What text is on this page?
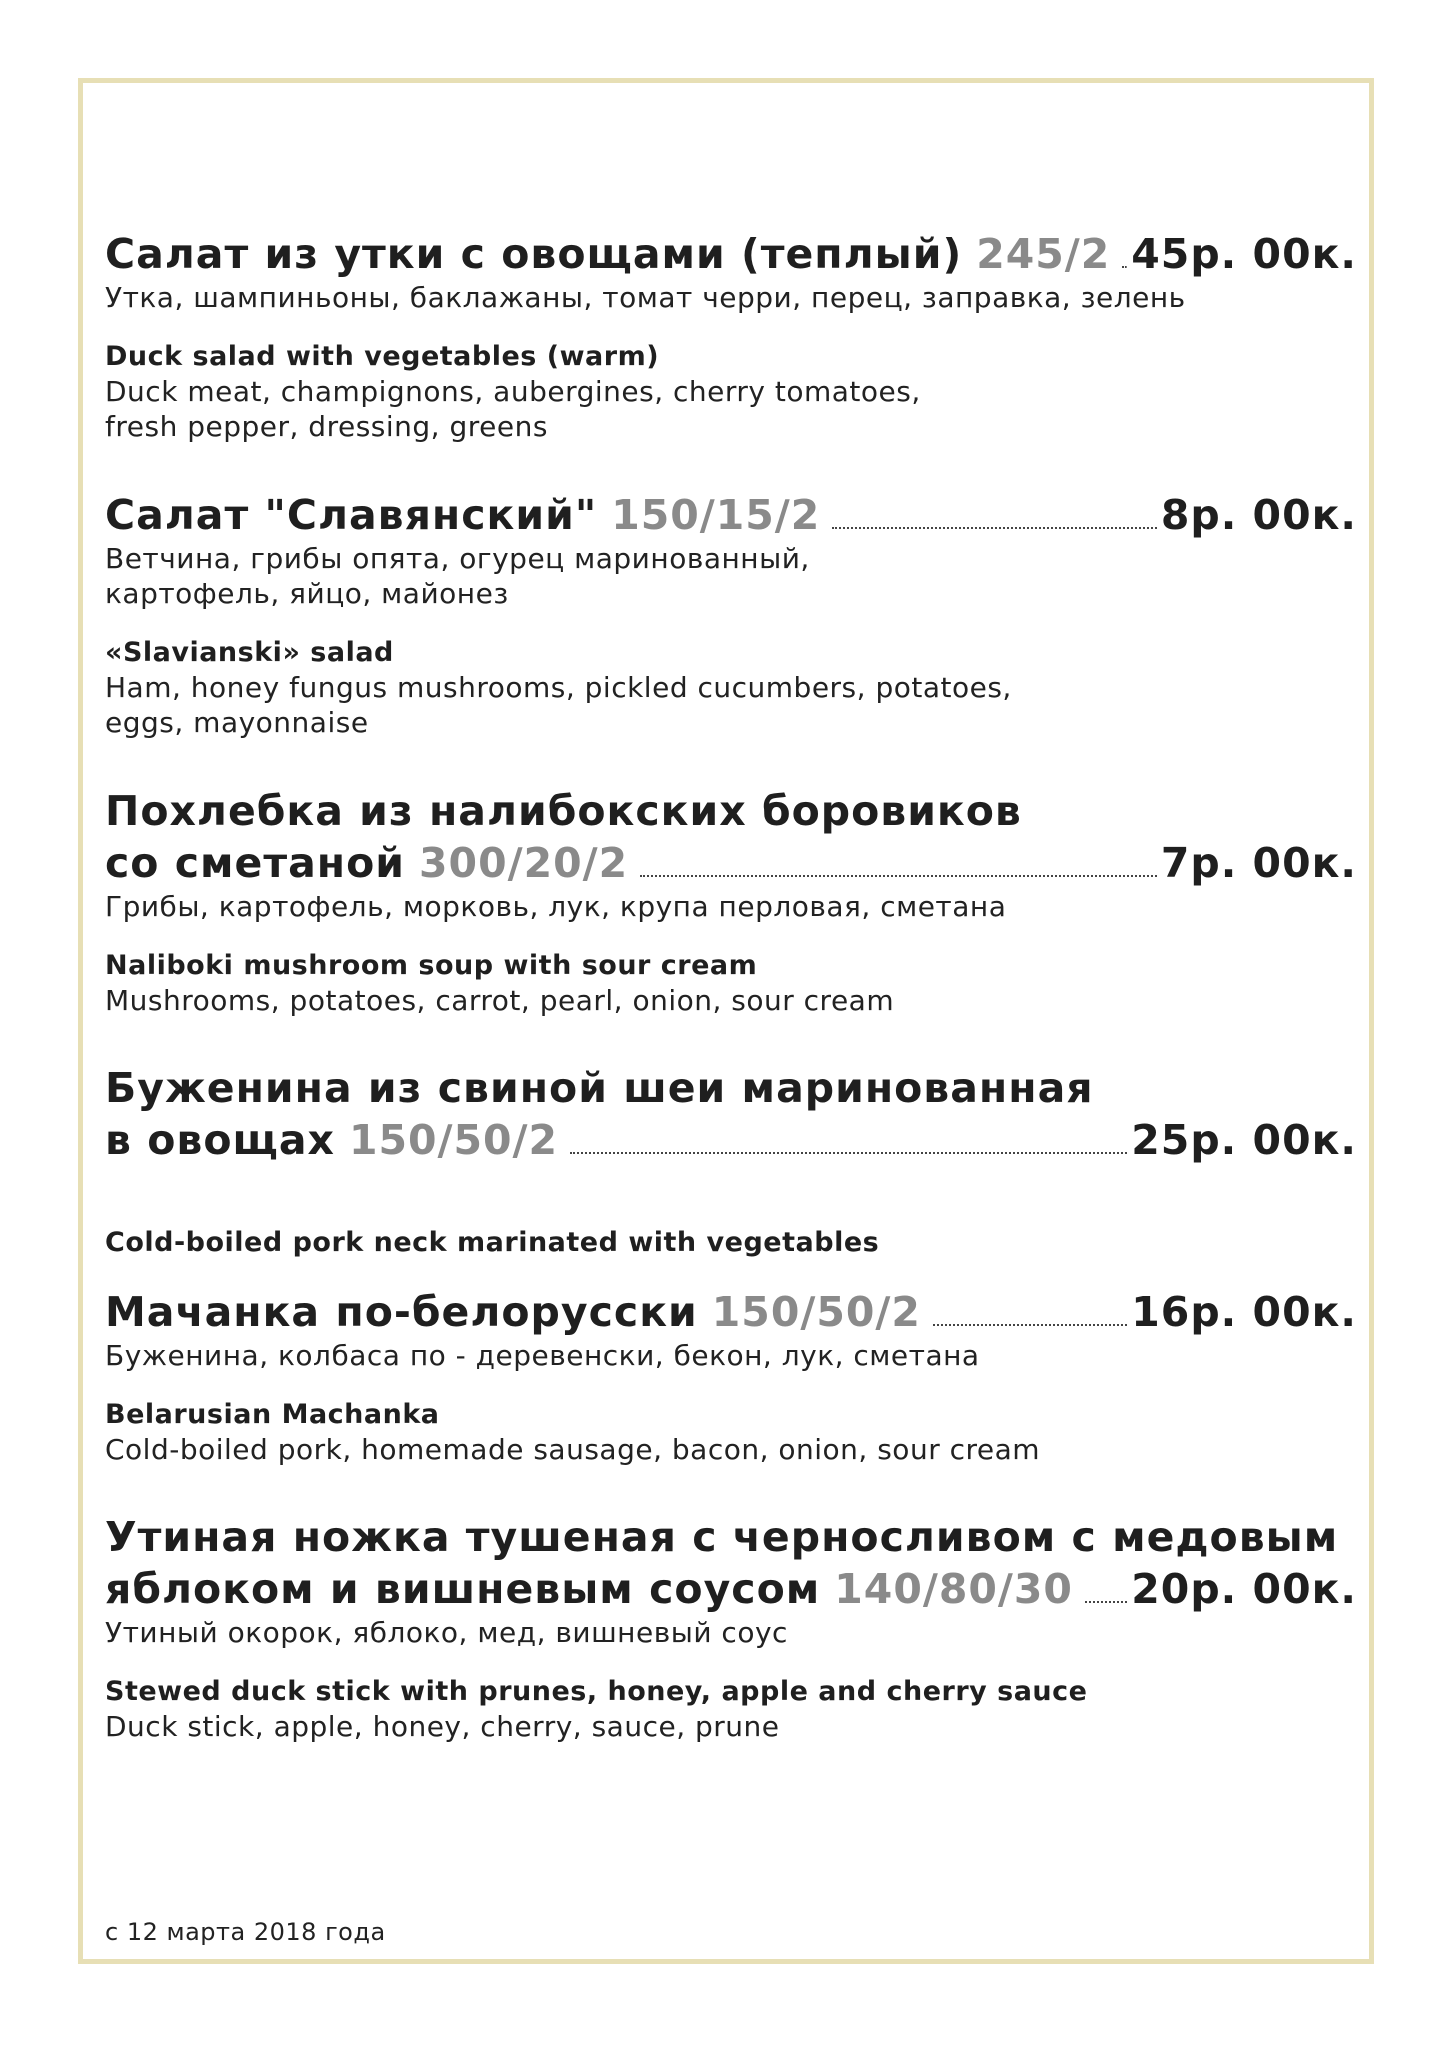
Салат из утки с овощами (теплый) 245/2 45р. 00к.
Утка, шампиньоны, баклажаны, томат черри, перец, заправка, зелень
Duck salad with vegetables (warm)
Duck meat, champignons, aubergines, cherry tomatoes,
fresh pepper, dressing, greens
Салат "Славянский" 150/15/2	8р. 00к.
Ветчина, грибы опята, огурец маринованный,
картофель, яйцо, майонез
«Slavianski» salad
Ham, honey fungus mushrooms, pickled cucumbers, potatoes,
eggs, mayonnaise
Похлебка из налибокских боровиков
со сметаной 300/20/2	7р. 00к.
Грибы, картофель, морковь, лук, крупа перловая, сметана
Naliboki mushroom soup with sour cream
Mushrooms, potatoes, carrot, pearl, onion, sour cream
Буженина из свиной шеи маринованная
в овощах 150/50/2	25р. 00к.
Cold-boiled pork neck marinated with vegetables
Мачанка по-белорусски 150/50/2	16р. 00к.
Буженина, колбаса по - деревенски, бекон, лук, сметана
Belarusian Machanka
Cold-boiled pork, homemade sausage, bacon, onion, sour cream
Утиная ножка тушеная с черносливом с медовым
яблоком и вишневым соусом 140/80/30 20р. 00к.
Утиный окорок, яблоко, мед, вишневый соус
Stewed duck stick with prunes, honey, apple and cherry sauce
Duck stick, apple, honey, cherry, sauce, prune
с 12 марта 2018 года
